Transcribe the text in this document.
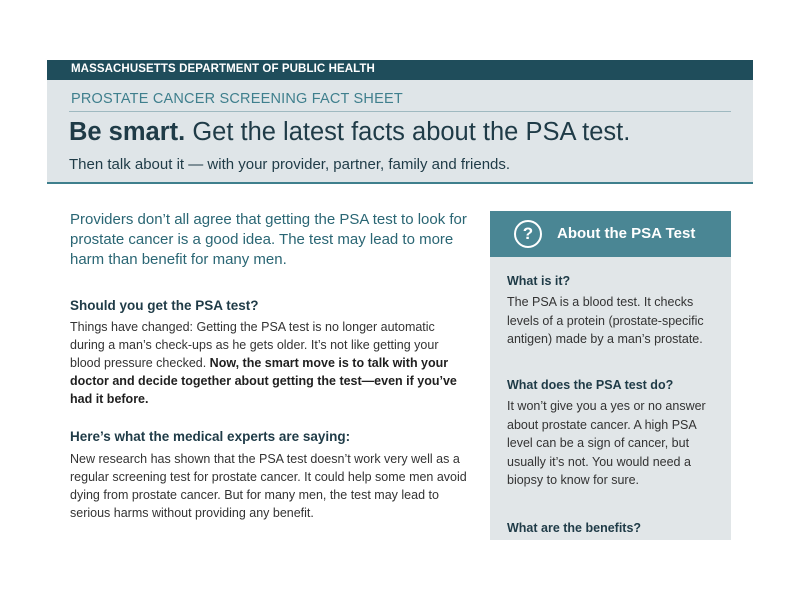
MASSACHUSETTS DEPARTMENT OF PUBLIC HEALTH
PROSTATE CANCER SCREENING FACT SHEET
Be smart. Get the latest facts about the PSA test.
Then talk about it — with your provider, partner, family and friends.
Providers don’t all agree that getting the PSA test to look for prostate cancer is a good idea. The test may lead to more harm than benefit for many men.
Should you get the PSA test?
Things have changed: Getting the PSA test is no longer automatic during a man’s check-ups as he gets older. It’s not like getting your blood pressure checked. Now, the smart move is to talk with your doctor and decide together about getting the test—even if you’ve had it before.
Here’s what the medical experts are saying:
New research has shown that the PSA test doesn’t work very well as a regular screening test for prostate cancer. It could help some men avoid dying from prostate cancer. But for many men, the test may lead to serious harms without providing any benefit.
?	About the PSA Test
What is it?
The PSA is a blood test. It checks levels of a protein (prostate-specific antigen) made by a man’s prostate.
What does the PSA test do?
It won’t give you a yes or no answer about prostate cancer. A high PSA level can be a sign of cancer, but usually it’s not. You would need a biopsy to know for sure.
What are the benefits?
